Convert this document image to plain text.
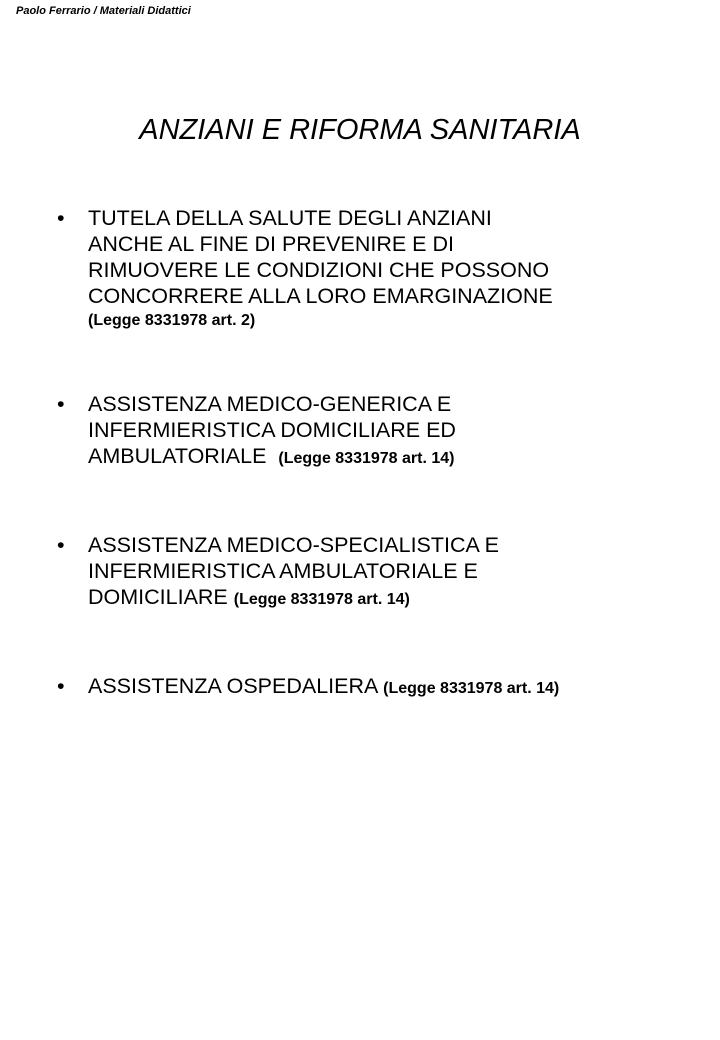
Paolo Ferrario / Materiali Didattici
ANZIANI E RIFORMA SANITARIA
• TUTELA DELLA SALUTE DEGLI ANZIANI
ANCHE AL FINE DI PREVENIRE E DI
RIMUOVERE LE CONDIZIONI CHE POSSONO
CONCORRERE ALLA LORO EMARGINAZIONE
(Legge 8331978 art. 2)
• ASSISTENZA MEDICO-GENERICA E
INFERMIERISTICA DOMICILIARE ED
AMBULATORIALE (Legge 8331978 art. 14)
• ASSISTENZA MEDICO-SPECIALISTICA E
INFERMIERISTICA AMBULATORIALE E
DOMICILIARE (Legge 8331978 art. 14)
• ASSISTENZA OSPEDALIERA (Legge 8331978 art. 14)
